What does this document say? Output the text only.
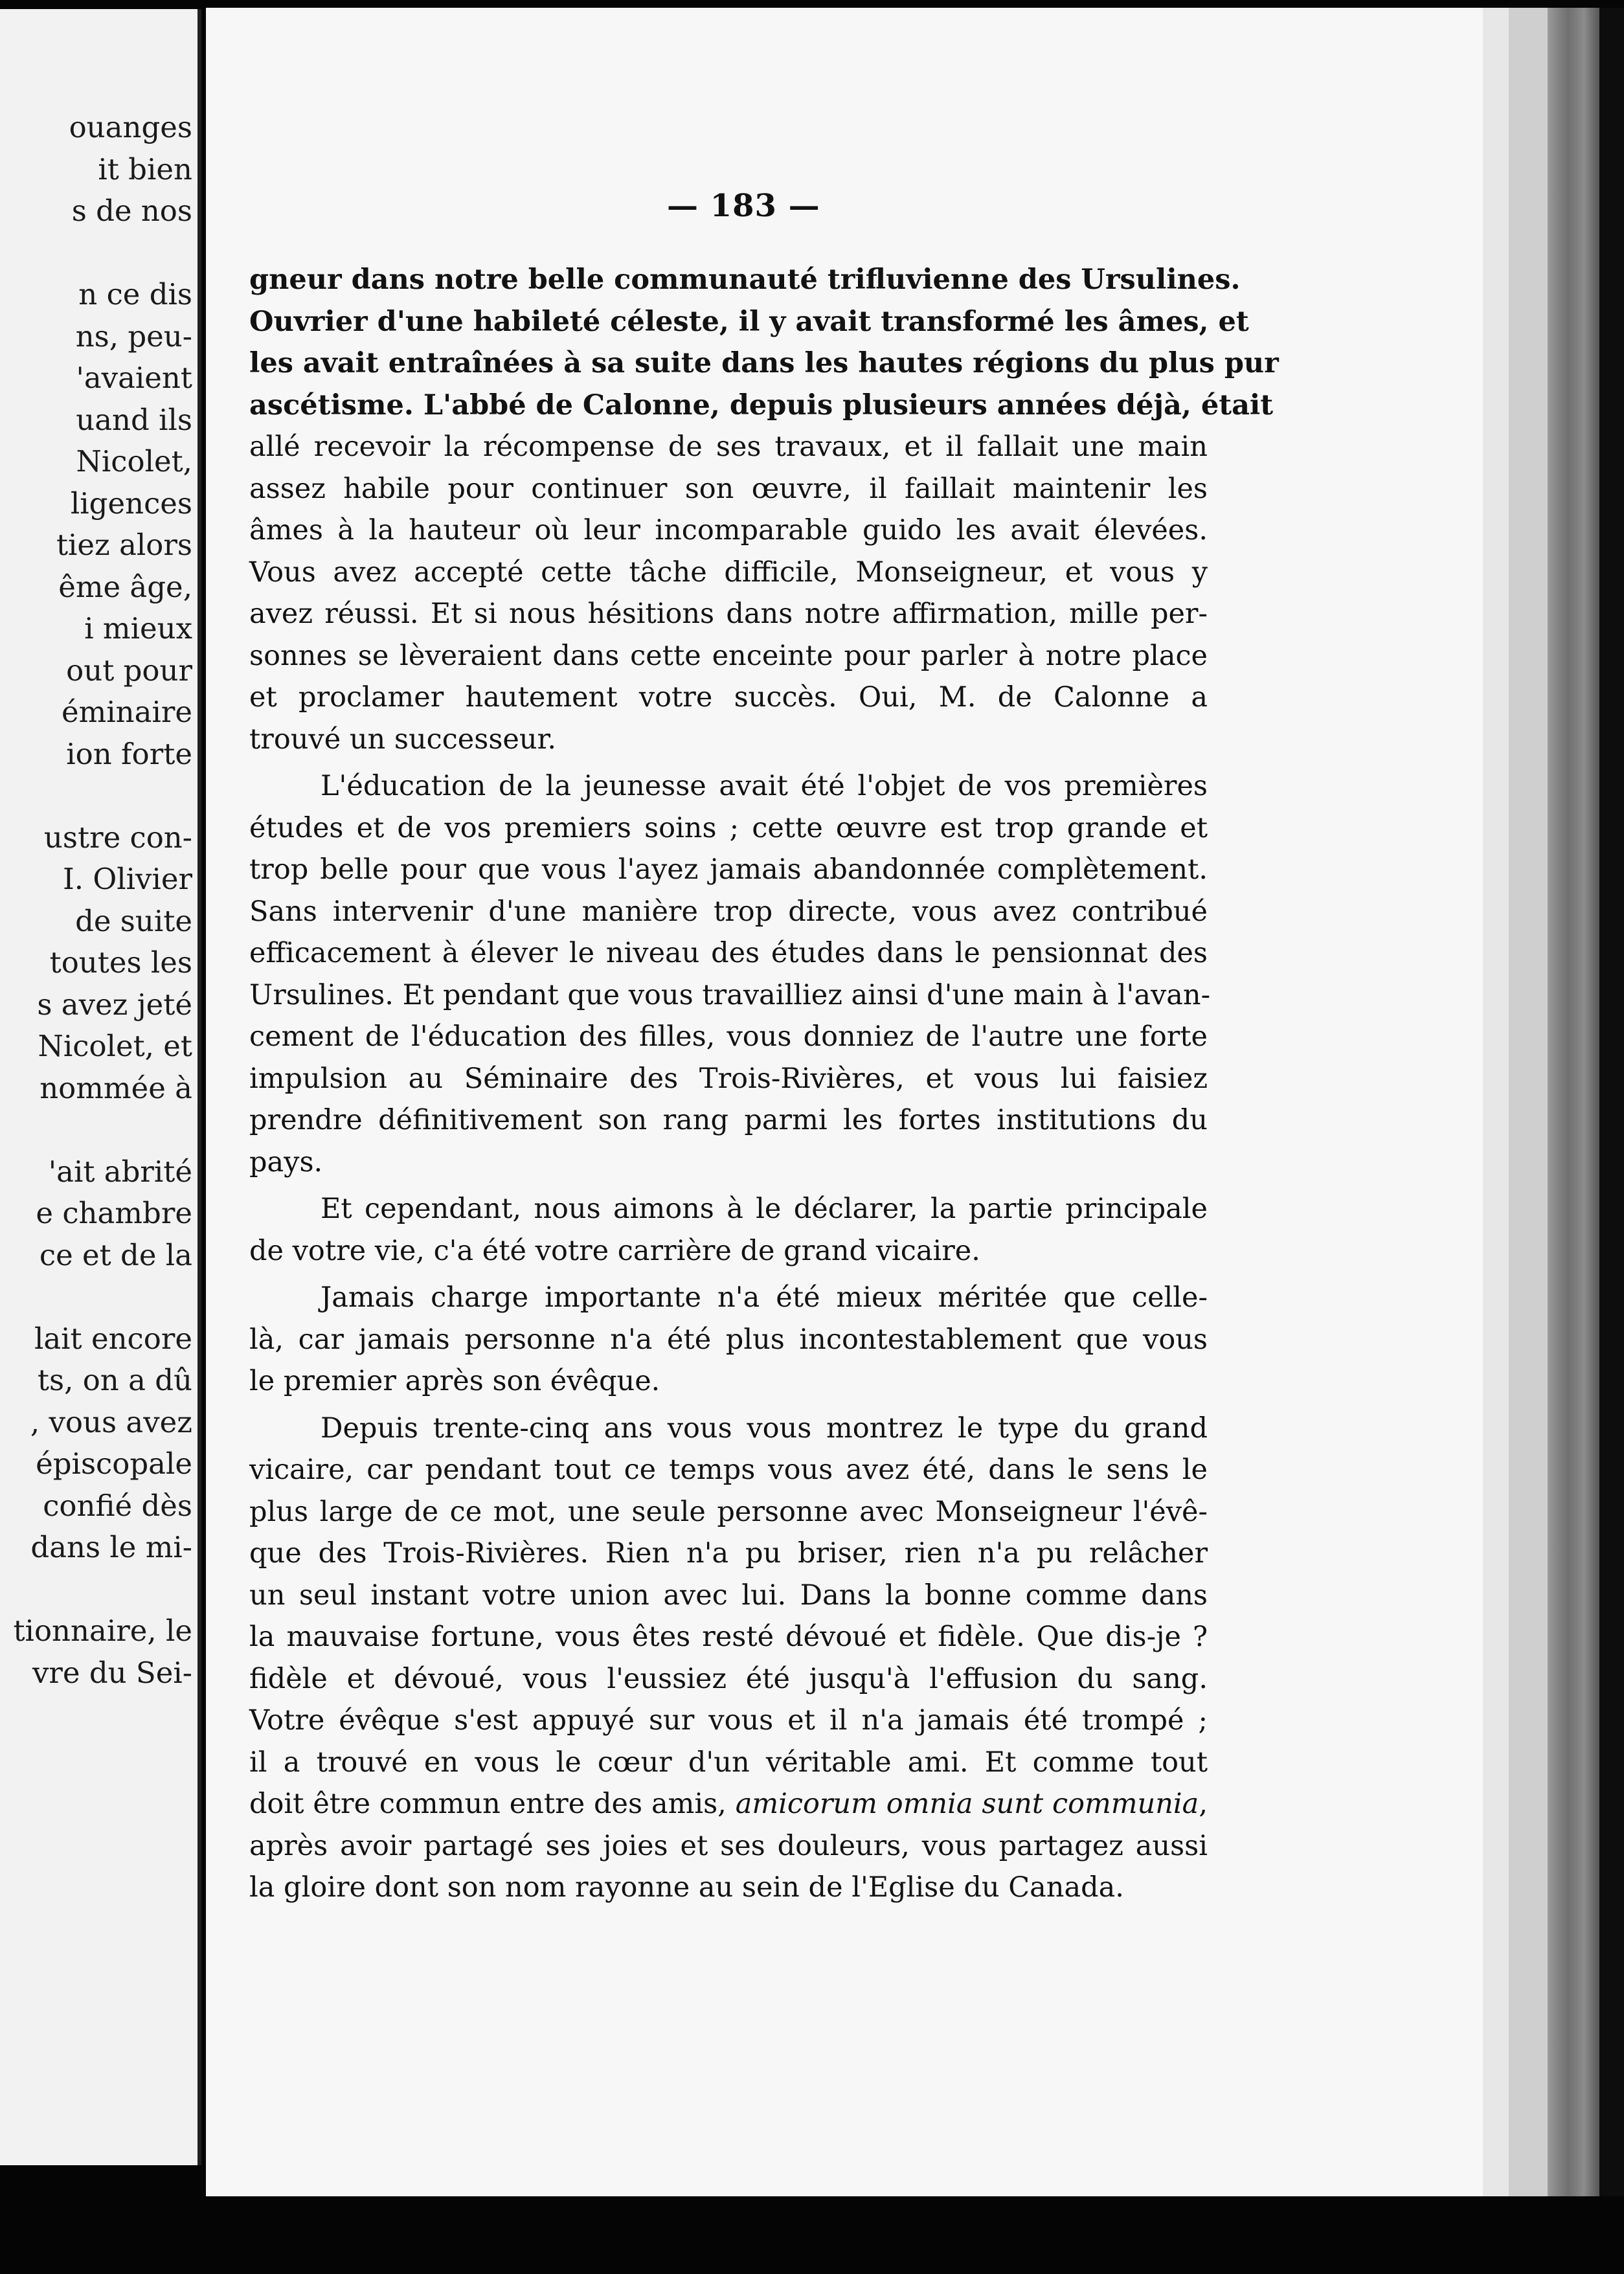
ouanges
it bien
s de nos
n ce dis
ns, peu-
'avaient
uand ils
Nicolet,
ligences
tiez alors
ême âge,
i mieux
out pour
éminaire
ion forte
ustre con-
I. Olivier
de suite
toutes les
s avez jeté
Nicolet, et
nommée à
'ait abrité
e chambre
ce et de la
lait encore
ts, on a dû
, vous avez
épiscopale
confié dès
dans le mi-
tionnaire, le
vre du Sei-
— 183 —
gneur dans notre belle communauté trifluvienne des Ursulines.
Ouvrier d'une habileté céleste, il y avait transformé les âmes, et
les avait entraînées à sa suite dans les hautes régions du plus pur
ascétisme. L'abbé de Calonne, depuis plusieurs années déjà, était
allé recevoir la récompense de ses travaux, et il fallait une main
assez habile pour continuer son œuvre, il faillait maintenir les
âmes à la hauteur où leur incomparable guido les avait élevées.
Vous avez accepté cette tâche difficile, Monseigneur, et vous y
avez réussi. Et si nous hésitions dans notre affirmation, mille per-
sonnes se lèveraient dans cette enceinte pour parler à notre place
et proclamer hautement votre succès. Oui, M. de Calonne a
trouvé un successeur.
L'éducation de la jeunesse avait été l'objet de vos premières
études et de vos premiers soins ; cette œuvre est trop grande et
trop belle pour que vous l'ayez jamais abandonnée complètement.
Sans intervenir d'une manière trop directe, vous avez contribué
efficacement à élever le niveau des études dans le pensionnat des
Ursulines. Et pendant que vous travailliez ainsi d'une main à l'avan-
cement de l'éducation des filles, vous donniez de l'autre une forte
impulsion au Séminaire des Trois-Rivières, et vous lui faisiez
prendre définitivement son rang parmi les fortes institutions du
pays.
Et cependant, nous aimons à le déclarer, la partie principale
de votre vie, c'a été votre carrière de grand vicaire.
Jamais charge importante n'a été mieux méritée que celle-
là, car jamais personne n'a été plus incontestablement que vous
le premier après son évêque.
Depuis trente-cinq ans vous vous montrez le type du grand
vicaire, car pendant tout ce temps vous avez été, dans le sens le
plus large de ce mot, une seule personne avec Monseigneur l'évê-
que des Trois-Rivières. Rien n'a pu briser, rien n'a pu relâcher
un seul instant votre union avec lui. Dans la bonne comme dans
la mauvaise fortune, vous êtes resté dévoué et fidèle. Que dis-je ?
fidèle et dévoué, vous l'eussiez été jusqu'à l'effusion du sang.
Votre évêque s'est appuyé sur vous et il n'a jamais été trompé ;
il a trouvé en vous le cœur d'un véritable ami. Et comme tout
doit être commun entre des amis, amicorum omnia sunt communia,
après avoir partagé ses joies et ses douleurs, vous partagez aussi
la gloire dont son nom rayonne au sein de l'Eglise du Canada.
